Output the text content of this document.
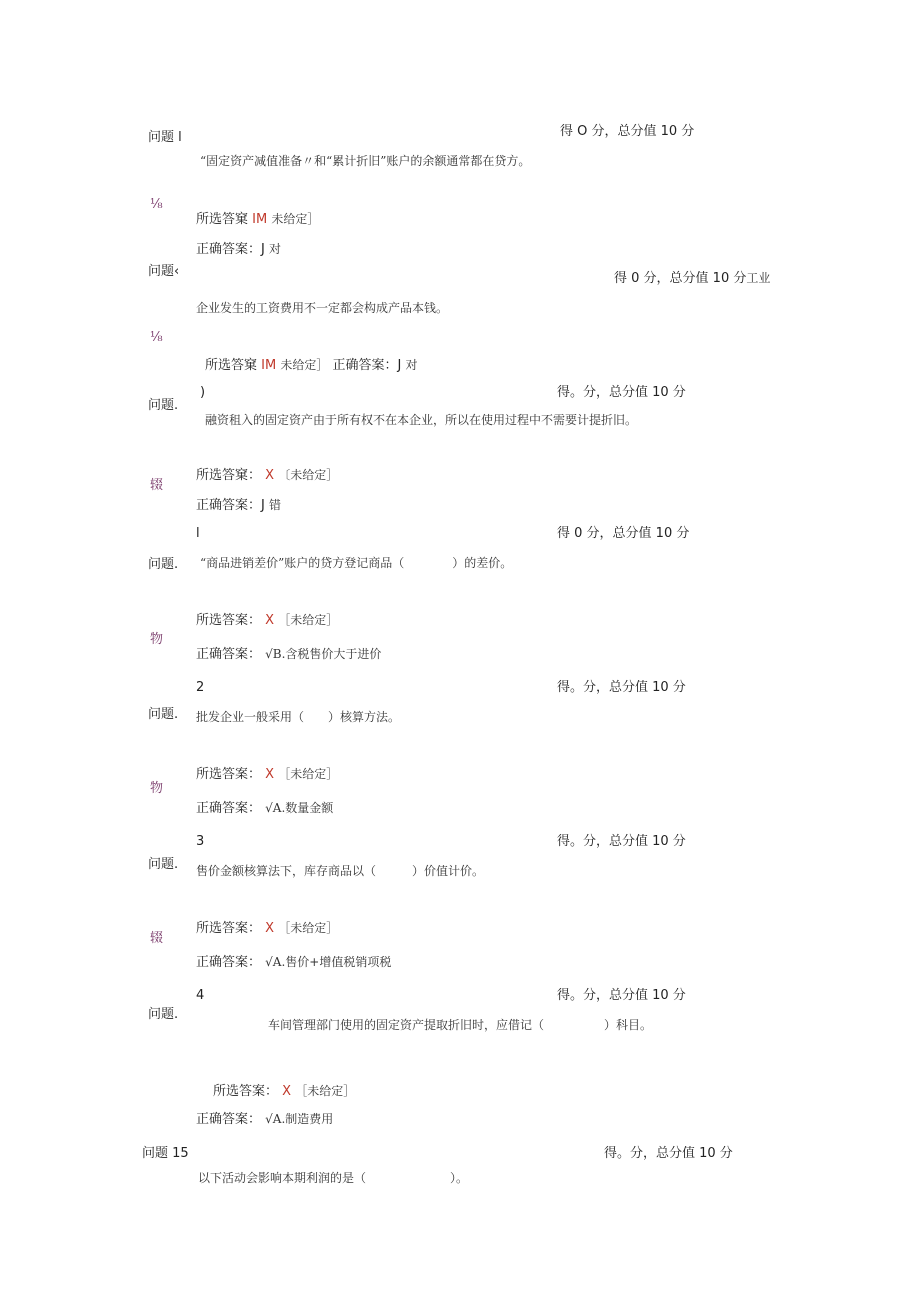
问题 l	得 O 分，总分值 10 分
“固定资产减值准备〃和“累计折旧”账户的余额通常都在贷方。
⅛
所选答窠 IM 未给定］
正确答案：J 对
问题‹	得 0 分，总分值 10 分工业
企业发生的工资费用不一定都会构成产品本钱。
⅛
所选答窠 IM 未给定］ 正确答案：J 对
)	得。分，总分值 10 分
问题.
融资租入的固定资产由于所有权不在本企业，所以在使用过程中不需要计提折旧。
所选答窠： X 〔未给定］
辍
正确答案：J 错
l	得 0 分，总分值 10 分
问题. “商品进销差价”账户的贷方登记商品（　　　　）的差价。
所选答案： X ［未给定］
物
正确答案： √B.含税售价大于进价
2	得。分，总分值 10 分
问题. 批发企业一般采用（　　）核算方法。
所选答案： X ［未给定］
物
正确答案： √A.数量金额
3	得。分，总分值 10 分
问题. 售价金额核算法下，库存商品以（　　　）价值计价。
所选答案： X ［未给定］
辍
正确答案： √A.售价+增值税销项税
4	得。分，总分值 10 分
问题.
车间管理部门使用的固定资产提取折旧时，应借记（　　　　　）科目。
所选答案： X ［未给定］
正确答案： √A.制造费用
问题 15	得。分，总分值 10 分
以下活动会影响本期利润的是（　　　　　　　）。
